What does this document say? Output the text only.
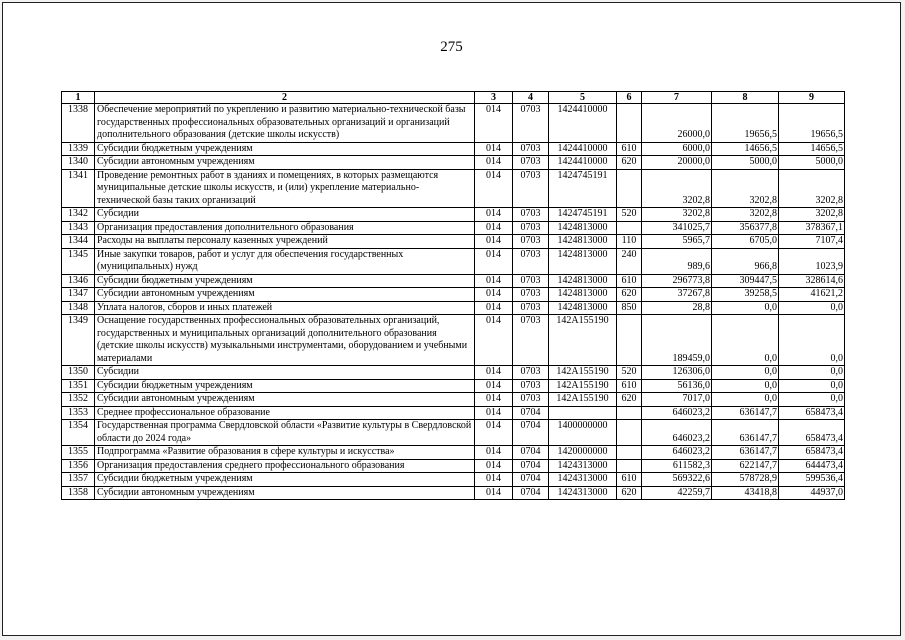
275
1	2	3	4	5	6	7	8	9
1338	Обеспечение мероприятий по укреплению и развитию материально-технической базы государственных профессиональных образовательных организаций и организаций дополнительного образования (детские школы искусств)	014	0703	1424410000		26000,0	19656,5	19656,5
1339	Субсидии бюджетным учреждениям	014	0703	1424410000	610	6000,0	14656,5	14656,5
1340	Субсидии автономным учреждениям	014	0703	1424410000	620	20000,0	5000,0	5000,0
1341	Проведение ремонтных работ в зданиях и помещениях, в которых размещаются муниципальные детские школы искусств, и (или) укрепление материально-технической базы таких организаций	014	0703	1424745191		3202,8	3202,8	3202,8
1342	Субсидии	014	0703	1424745191	520	3202,8	3202,8	3202,8
1343	Организация предоставления дополнительного образования	014	0703	1424813000		341025,7	356377,8	378367,1
1344	Расходы на выплаты персоналу казенных учреждений	014	0703	1424813000	110	5965,7	6705,0	7107,4
1345	Иные закупки товаров, работ и услуг для обеспечения государственных (муниципальных) нужд	014	0703	1424813000	240	989,6	966,8	1023,9
1346	Субсидии бюджетным учреждениям	014	0703	1424813000	610	296773,8	309447,5	328614,6
1347	Субсидии автономным учреждениям	014	0703	1424813000	620	37267,8	39258,5	41621,2
1348	Уплата налогов, сборов и иных платежей	014	0703	1424813000	850	28,8	0,0	0,0
1349	Оснащение государственных профессиональных образовательных организаций, государственных и муниципальных организаций дополнительного образования (детские школы искусств) музыкальными инструментами, оборудованием и учебными материалами	014	0703	142A155190		189459,0	0,0	0,0
1350	Субсидии	014	0703	142A155190	520	126306,0	0,0	0,0
1351	Субсидии бюджетным учреждениям	014	0703	142A155190	610	56136,0	0,0	0,0
1352	Субсидии автономным учреждениям	014	0703	142A155190	620	7017,0	0,0	0,0
1353	Среднее профессиональное образование	014	0704			646023,2	636147,7	658473,4
1354	Государственная программа Свердловской области «Развитие культуры в Свердловской области до 2024 года»	014	0704	1400000000		646023,2	636147,7	658473,4
1355	Подпрограмма «Развитие образования в сфере культуры и искусства»	014	0704	1420000000		646023,2	636147,7	658473,4
1356	Организация предоставления среднего профессионального образования	014	0704	1424313000		611582,3	622147,7	644473,4
1357	Субсидии бюджетным учреждениям	014	0704	1424313000	610	569322,6	578728,9	599536,4
1358	Субсидии автономным учреждениям	014	0704	1424313000	620	42259,7	43418,8	44937,0
